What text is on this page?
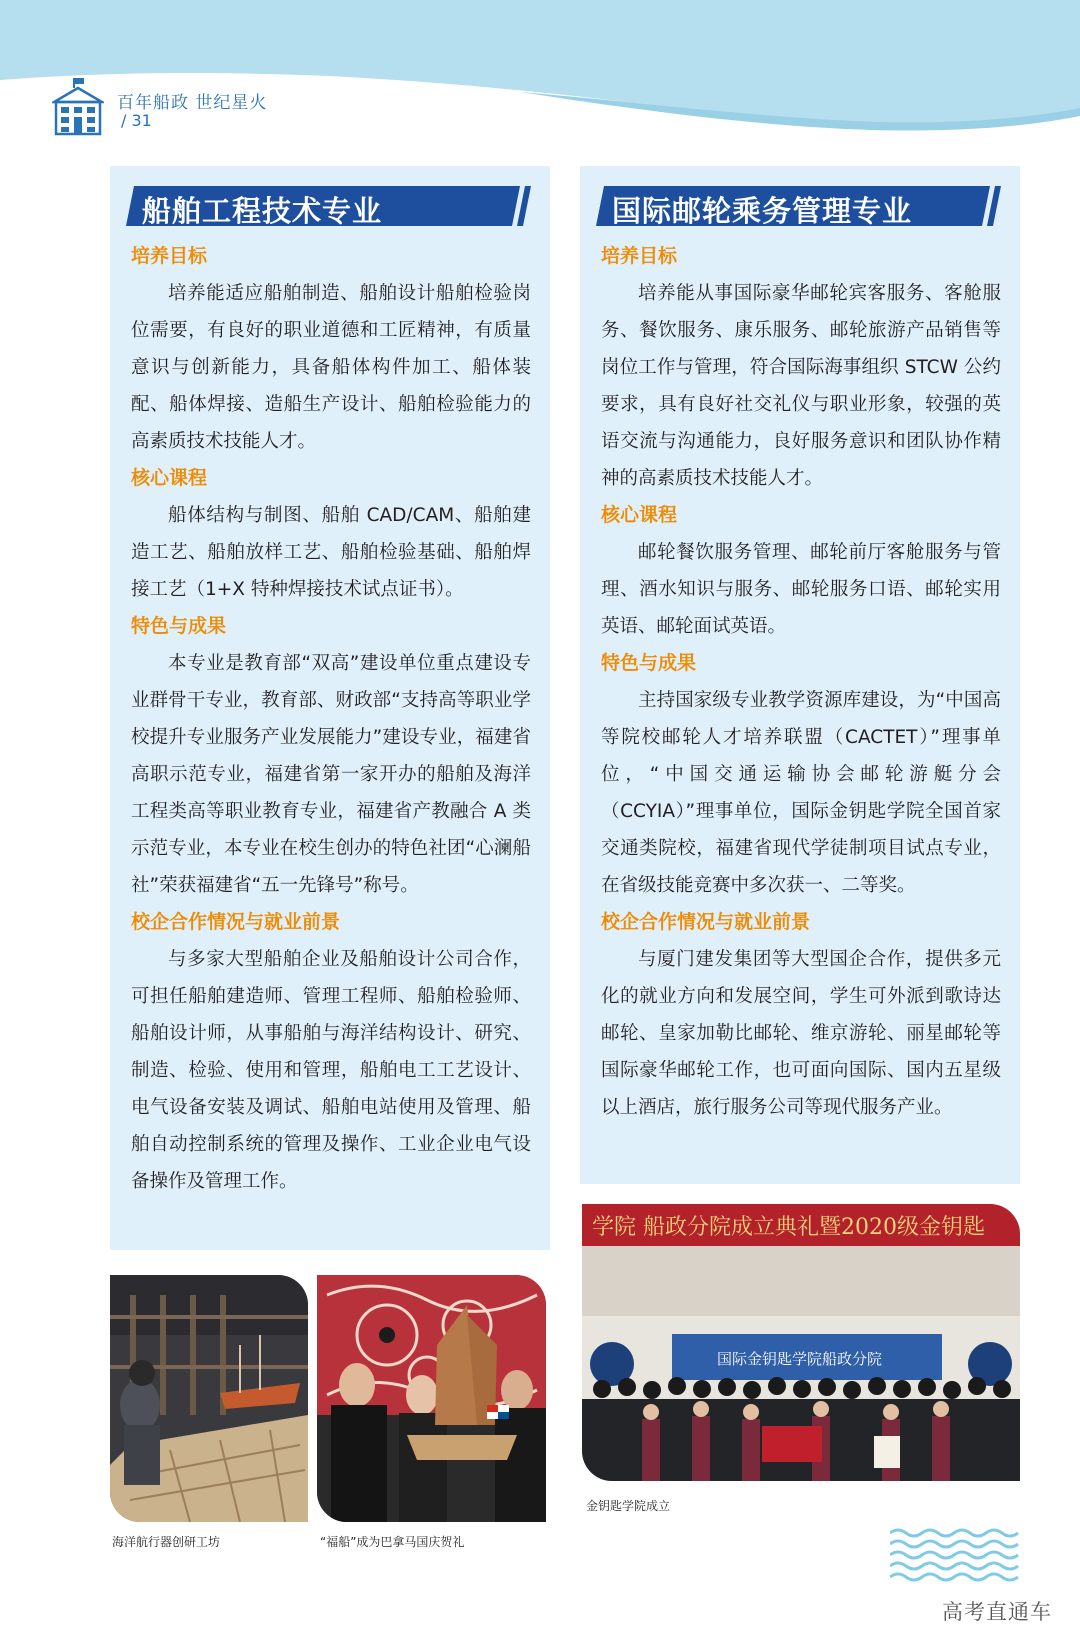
百年船政 世纪星火
/ 31
船舶工程技术专业
培养目标
培养能适应船舶制造、船舶设计船舶检验岗位需要，有良好的职业道德和工匠精神，有质量意识与创新能力，具备船体构件加工、船体装配、船体焊接、造船生产设计、船舶检验能力的高素质技术技能人才。
核心课程
船体结构与制图、船舶 CAD/CAM、船舶建造工艺、船舶放样工艺、船舶检验基础、船舶焊接工艺（1+X 特种焊接技术试点证书）。
特色与成果
本专业是教育部“双高”建设单位重点建设专业群骨干专业，教育部、财政部“支持高等职业学校提升专业服务产业发展能力”建设专业，福建省高职示范专业，福建省第一家开办的船舶及海洋工程类高等职业教育专业，福建省产教融合 A 类示范专业，本专业在校生创办的特色社团“心澜船社”荣获福建省“五一先锋号”称号。
校企合作情况与就业前景
与多家大型船舶企业及船舶设计公司合作，可担任船舶建造师、管理工程师、船舶检验师、船舶设计师，从事船舶与海洋结构设计、研究、制造、检验、使用和管理，船舶电工工艺设计、电气设备安装及调试、船舶电站使用及管理、船舶自动控制系统的管理及操作、工业企业电气设备操作及管理工作。
国际邮轮乘务管理专业
培养目标
培养能从事国际豪华邮轮宾客服务、客舱服务、餐饮服务、康乐服务、邮轮旅游产品销售等岗位工作与管理，符合国际海事组织 STCW 公约要求，具有良好社交礼仪与职业形象，较强的英语交流与沟通能力，良好服务意识和团队协作精神的高素质技术技能人才。
核心课程
邮轮餐饮服务管理、邮轮前厅客舱服务与管理、酒水知识与服务、邮轮服务口语、邮轮实用英语、邮轮面试英语。
特色与成果
主持国家级专业教学资源库建设，为“中国高等院校邮轮人才培养联盟（CACTET）”理事单位，“中国交通运输协会邮轮游艇分会（CCYIA）”理事单位，国际金钥匙学院全国首家交通类院校，福建省现代学徒制项目试点专业，在省级技能竞赛中多次获一、二等奖。
校企合作情况与就业前景
与厦门建发集团等大型国企合作，提供多元化的就业方向和发展空间，学生可外派到歌诗达邮轮、皇家加勒比邮轮、维京游轮、丽星邮轮等国际豪华邮轮工作，也可面向国际、国内五星级以上酒店，旅行服务公司等现代服务产业。
海洋航行器创研工坊	“福船”成为巴拿马国庆贺礼
学院 船政分院成立典礼暨2020级金钥匙
国际金钥匙学院船政分院
金钥匙学院成立
高考直通车
